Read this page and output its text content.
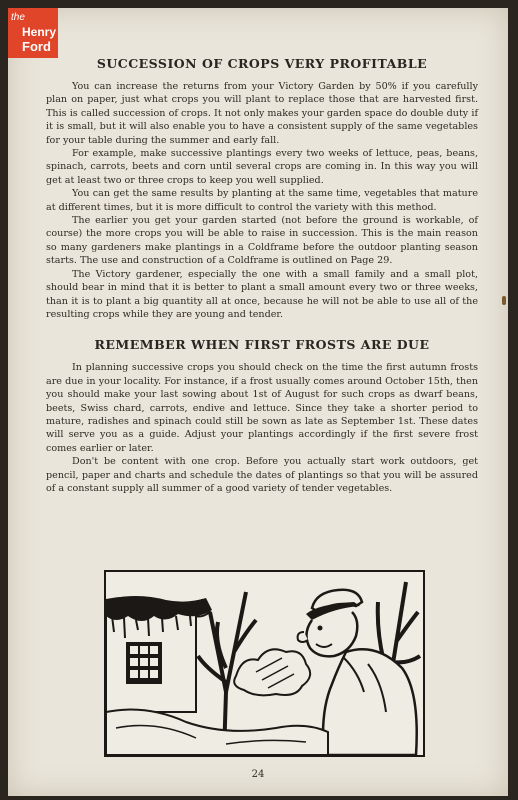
the
Henry
Ford
SUCCESSION OF CROPS VERY PROFITABLE

You can increase the returns from your Victory Garden by 50% if you carefully plan on paper, just what crops you will plant to replace those that are harvested first. This is called succession of crops. It not only makes your garden space do double duty if it is small, but it will also enable you to have a consistent supply of the same vegetables for your table during the summer and early fall.

For example, make successive plantings every two weeks of lettuce, peas, beans, spinach, carrots, beets and corn until several crops are coming in. In this way you will get at least two or three crops to keep you well supplied.

You can get the same results by planting at the same time, vegetables that mature at different times, but it is more difficult to control the variety with this method.

The earlier you get your garden started (not before the ground is workable, of course) the more crops you will be able to raise in succession. This is the main reason so many gardeners make plantings in a Coldframe before the outdoor planting season starts. The use and construction of a Coldframe is outlined on Page 29.

The Victory gardener, especially the one with a small family and a small plot, should bear in mind that it is better to plant a small amount every two or three weeks, than it is to plant a big quantity all at once, because he will not be able to use all of the resulting crops while they are young and tender.

REMEMBER WHEN FIRST FROSTS ARE DUE

In planning successive crops you should check on the time the first autumn frosts are due in your locality. For instance, if a frost usually comes around October 15th, then you should make your last sowing about 1st of August for such crops as dwarf beans, beets, Swiss chard, carrots, endive and lettuce. Since they take a shorter period to mature, radishes and spinach could still be sown as late as September 1st. These dates will serve you as a guide. Adjust your plantings accordingly if the first severe frost comes earlier or later.

Don't be content with one crop. Before you actually start work outdoors, get pencil, paper and charts and schedule the dates of plantings so that you will be assured of a constant supply all summer of a good variety of tender vegetables.

24
